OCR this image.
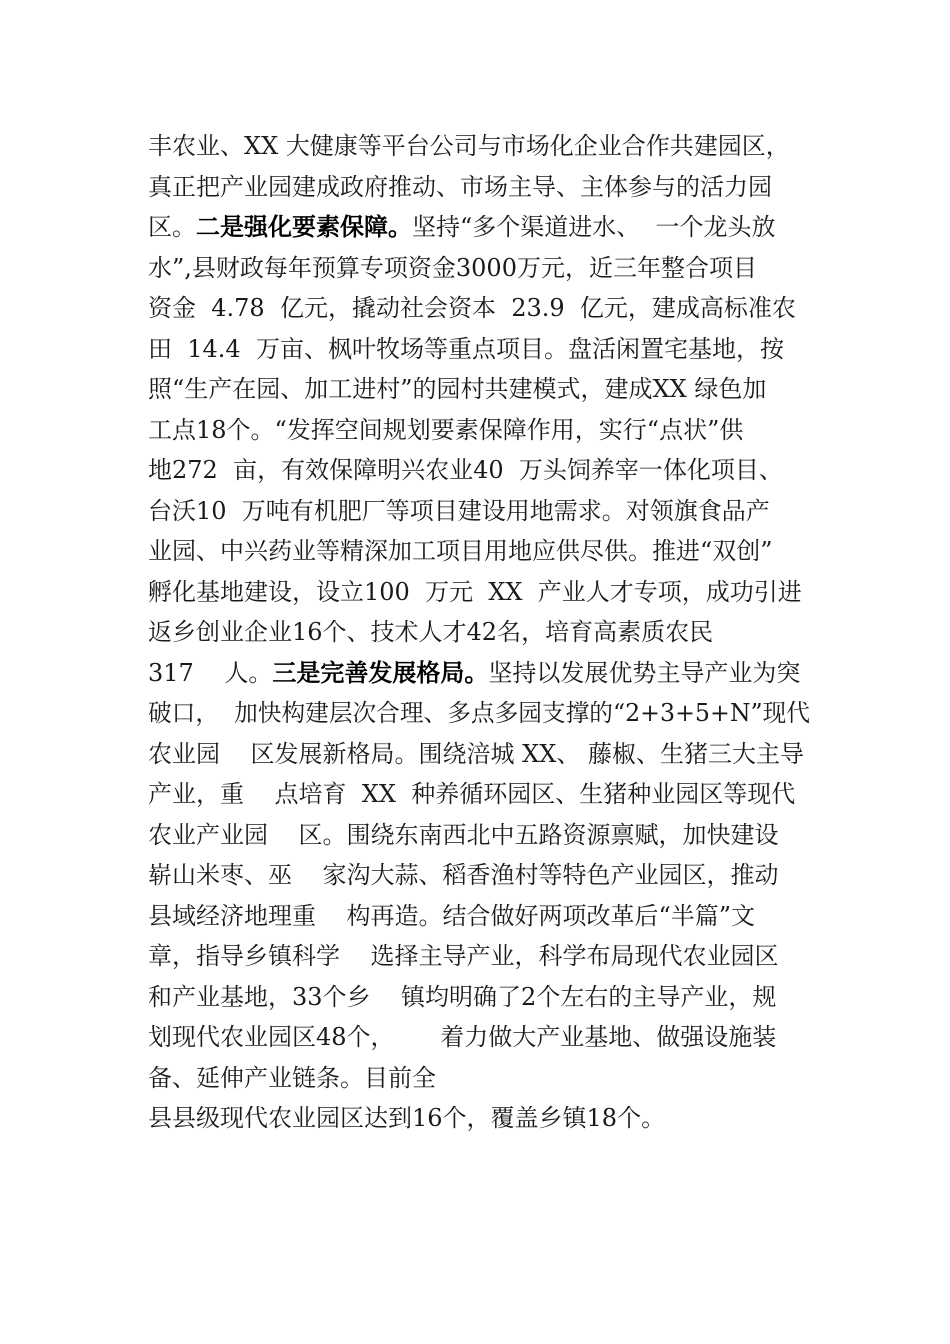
丰农业、XX 大健康等平台公司与市场化企业合作共建园区，

真正把产业园建成政府推动、市场主导、主体参与的活力园

区。二是强化要素保障。坚持“多个渠道进水、  一个龙头放

水”,县财政每年预算专项资金3000万元，近三年整合项目

资金  4.78  亿元，撬动社会资本  23.9  亿元，建成高标准农

田  14.4  万亩、枫叶牧场等重点项目。盘活闲置宅基地，按

照“生产在园、加工进村”的园村共建模式，建成XX 绿色加

工点18个。“发挥空间规划要素保障作用，实行“点状”供

地272  亩，有效保障明兴农业40  万头饲养宰一体化项目、

台沃10  万吨有机肥厂等项目建设用地需求。对领旗食品产

业园、中兴药业等精深加工项目用地应供尽供。推进“双创”

孵化基地建设，设立100  万元  XX  产业人才专项，成功引进

返乡创业企业16个、技术人才42名，培育高素质农民

317    人。三是完善发展格局。坚持以发展优势主导产业为突

破口，  加快构建层次合理、多点多园支撑的“2+3+5+N”现代

农业园    区发展新格局。围绕涪城 XX、 藤椒、生猪三大主导

产业，重    点培育  XX  种养循环园区、生猪种业园区等现代

农业产业园    区。围绕东南西北中五路资源禀赋，加快建设

崭山米枣、巫    家沟大蒜、稻香渔村等特色产业园区，推动

县域经济地理重    构再造。结合做好两项改革后“半篇”文

章，指导乡镇科学    选择主导产业，科学布局现代农业园区

和产业基地，33个乡    镇均明确了2个左右的主导产业，规

划现代农业园区48个，      着力做大产业基地、做强设施装

备、延伸产业链条。目前全

县县级现代农业园区达到16个，覆盖乡镇18个。
